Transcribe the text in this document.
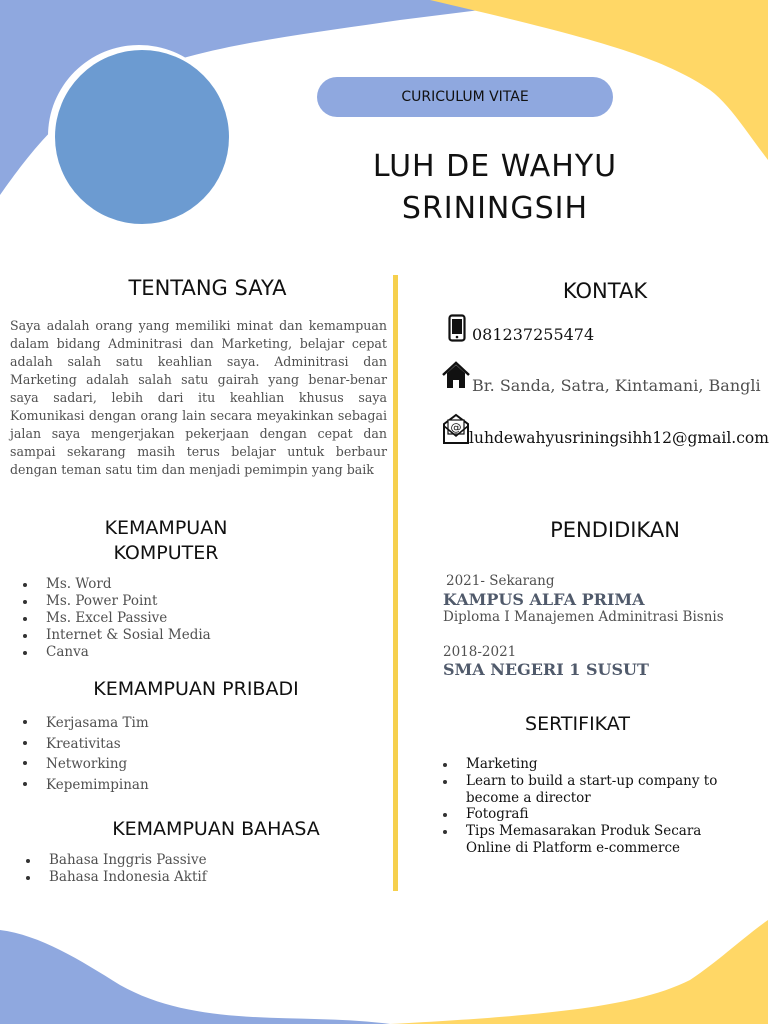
CURICULUM VITAE
LUH DE WAHYU SRININGSIH
TENTANG SAYA
Saya adalah orang yang memiliki minat dan kemampuan dalam bidang Adminitrasi dan Marketing, belajar cepat adalah salah satu keahlian saya. Adminitrasi dan Marketing adalah salah satu gairah yang benar-benar saya sadari, lebih dari itu keahlian khusus saya Komunikasi dengan orang lain secara meyakinkan sebagai jalan saya mengerjakan pekerjaan dengan cepat dan sampai sekarang masih terus belajar untuk berbaur dengan teman satu tim dan menjadi pemimpin yang baik
KEMAMPUAN
KOMPUTER
Ms. Word
Ms. Power Point
Ms. Excel Passive
Internet & Sosial Media
Canva
KEMAMPUAN PRIBADI
Kerjasama Tim
Kreativitas
Networking
Kepemimpinan
KEMAMPUAN BAHASA
Bahasa Inggris Passive
Bahasa Indonesia Aktif
KONTAK
081237255474
Br. Sanda, Satra, Kintamani, Bangli
@
luhdewahyusriningsihh12@gmail.com
PENDIDIKAN
2021- Sekarang
KAMPUS ALFA PRIMA
Diploma I Manajemen Adminitrasi Bisnis
2018-2021
SMA NEGERI 1 SUSUT
SERTIFIKAT
Marketing
Learn to build a start-up company to become a director
Fotografi
Tips Memasarakan Produk Secara Online di Platform e-commerce
